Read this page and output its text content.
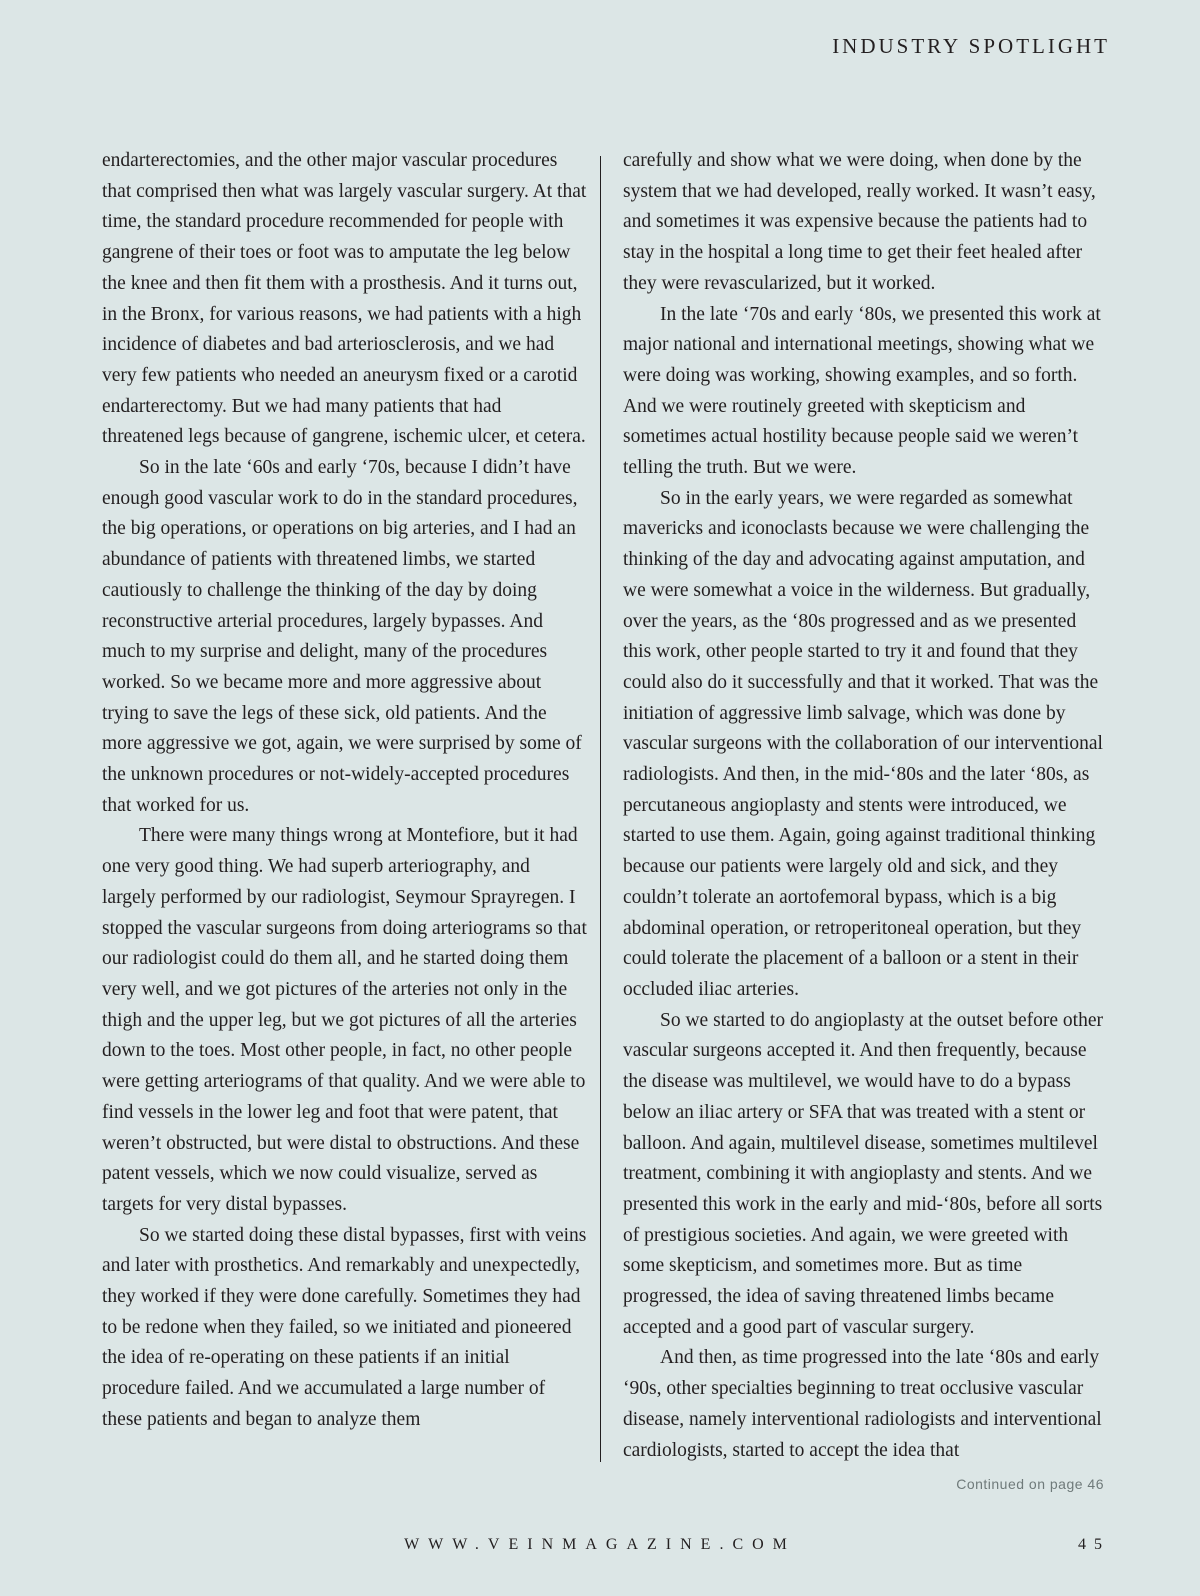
INDUSTRY SPOTLIGHT

endarterectomies, and the other major vascular procedures that comprised then what was largely vascular surgery. At that time, the standard procedure recommended for people with gangrene of their toes or foot was to amputate the leg below the knee and then fit them with a prosthesis. And it turns out, in the Bronx, for various reasons, we had patients with a high incidence of diabetes and bad arteriosclerosis, and we had very few patients who needed an aneurysm fixed or a carotid endarterectomy. But we had many patients that had threatened legs because of gangrene, ischemic ulcer, et cetera.

So in the late ‘60s and early ‘70s, because I didn’t have enough good vascular work to do in the standard procedures, the big operations, or operations on big arteries, and I had an abundance of patients with threatened limbs, we started cautiously to challenge the thinking of the day by doing reconstructive arterial procedures, largely bypasses. And much to my surprise and delight, many of the procedures worked. So we became more and more aggressive about trying to save the legs of these sick, old patients. And the more aggressive we got, again, we were surprised by some of the unknown procedures or not-widely-accepted procedures that worked for us.

There were many things wrong at Montefiore, but it had one very good thing. We had superb arteriography, and largely performed by our radiologist, Seymour Sprayregen. I stopped the vascular surgeons from doing arteriograms so that our radiologist could do them all, and he started doing them very well, and we got pictures of the arteries not only in the thigh and the upper leg, but we got pictures of all the arteries down to the toes. Most other people, in fact, no other people were getting arteriograms of that quality. And we were able to find vessels in the lower leg and foot that were patent, that weren’t obstructed, but were distal to obstructions. And these patent vessels, which we now could visualize, served as targets for very distal bypasses.

So we started doing these distal bypasses, first with veins and later with prosthetics. And remarkably and unexpectedly, they worked if they were done carefully. Sometimes they had to be redone when they failed, so we initiated and pioneered the idea of re-operating on these patients if an initial procedure failed. And we accumulated a large number of these patients and began to analyze them

carefully and show what we were doing, when done by the system that we had developed, really worked. It wasn’t easy, and sometimes it was expensive because the patients had to stay in the hospital a long time to get their feet healed after they were revascularized, but it worked.

In the late ‘70s and early ‘80s, we presented this work at major national and international meetings, showing what we were doing was working, showing examples, and so forth. And we were routinely greeted with skepticism and sometimes actual hostility because people said we weren’t telling the truth. But we were.

So in the early years, we were regarded as somewhat mavericks and iconoclasts because we were challenging the thinking of the day and advocating against amputation, and we were somewhat a voice in the wilderness. But gradually, over the years, as the ‘80s progressed and as we presented this work, other people started to try it and found that they could also do it successfully and that it worked. That was the initiation of aggressive limb salvage, which was done by vascular surgeons with the collaboration of our interventional radiologists. And then, in the mid-‘80s and the later ‘80s, as percutaneous angioplasty and stents were introduced, we started to use them. Again, going against traditional thinking because our patients were largely old and sick, and they couldn’t tolerate an aortofemoral bypass, which is a big abdominal operation, or retroperitoneal operation, but they could tolerate the placement of a balloon or a stent in their occluded iliac arteries.

So we started to do angioplasty at the outset before other vascular surgeons accepted it. And then frequently, because the disease was multilevel, we would have to do a bypass below an iliac artery or SFA that was treated with a stent or balloon. And again, multilevel disease, sometimes multilevel treatment, combining it with angioplasty and stents. And we presented this work in the early and mid-‘80s, before all sorts of prestigious societies. And again, we were greeted with some skepticism, and sometimes more. But as time progressed, the idea of saving threatened limbs became accepted and a good part of vascular surgery.

And then, as time progressed into the late ‘80s and early ‘90s, other specialties beginning to treat occlusive vascular disease, namely interventional radiologists and interventional cardiologists, started to accept the idea that

Continued on page 46
WWW.VEINMAGAZINE.COM	45
